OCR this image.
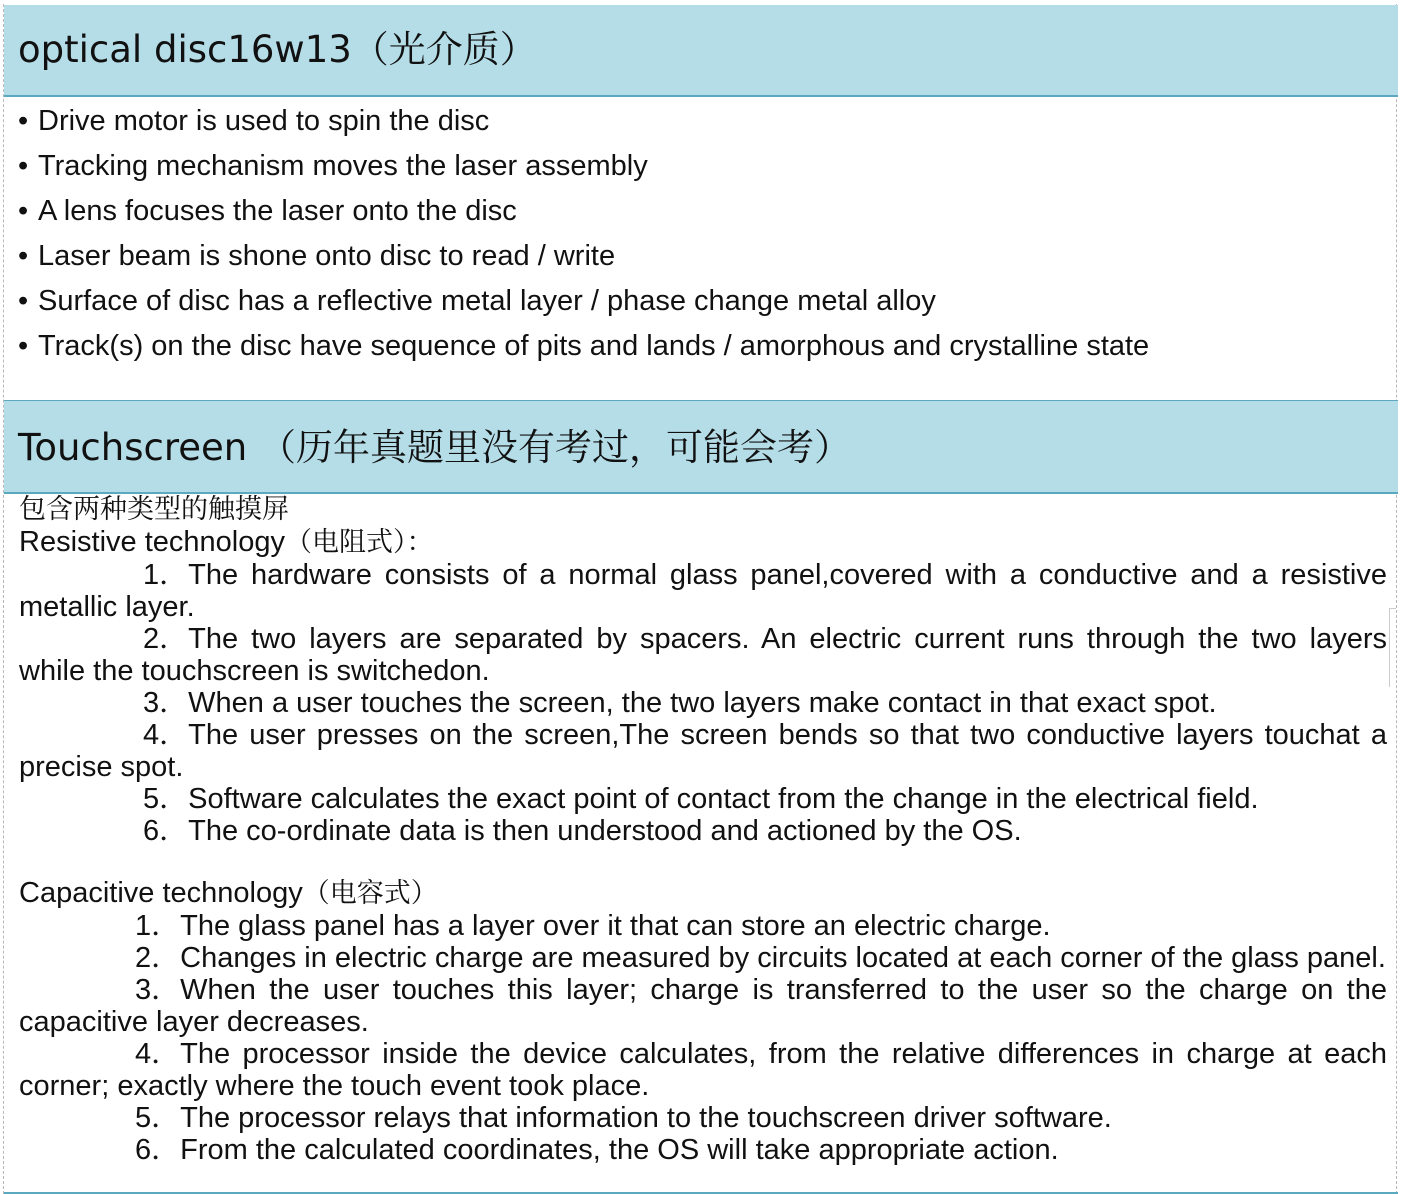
optical disc16w13（光介质）
• Drive motor is used to spin the disc
• Tracking mechanism moves the laser assembly
• A lens focuses the laser onto the disc
• Laser beam is shone onto disc to read / write
• Surface of disc has a reflective metal layer / phase change metal alloy
• Track(s) on the disc have sequence of pits and lands / amorphous and crystalline state
Touchscreen （历年真题里没有考过，可能会考）

包含两种类型的触摸屏

Resistive technology（电阻式）：

1．The hardware consists of a normal glass panel,covered with a conductive and a resistive metallic layer.

2．The two layers are separated by spacers. An electric current runs through the two layers while the touchscreen is switchedon.

3．When a user touches the screen, the two layers make contact in that exact spot.

4．The user presses on the screen,The screen bends so that two conductive layers touchat a precise spot.

5．Software calculates the exact point of contact from the change in the electrical field.

6．The co-ordinate data is then understood and actioned by the OS.

Capacitive technology（电容式）

1．The glass panel has a layer over it that can store an electric charge.

2．Changes in electric charge are measured by circuits located at each corner of the glass panel.

3．When the user touches this layer; charge is transferred to the user so the charge on the capacitive layer decreases.

4．The processor inside the device calculates, from the relative differences in charge at each corner; exactly where the touch event took place.

5．The processor relays that information to the touchscreen driver software.

6．From the calculated coordinates, the OS will take appropriate action.
